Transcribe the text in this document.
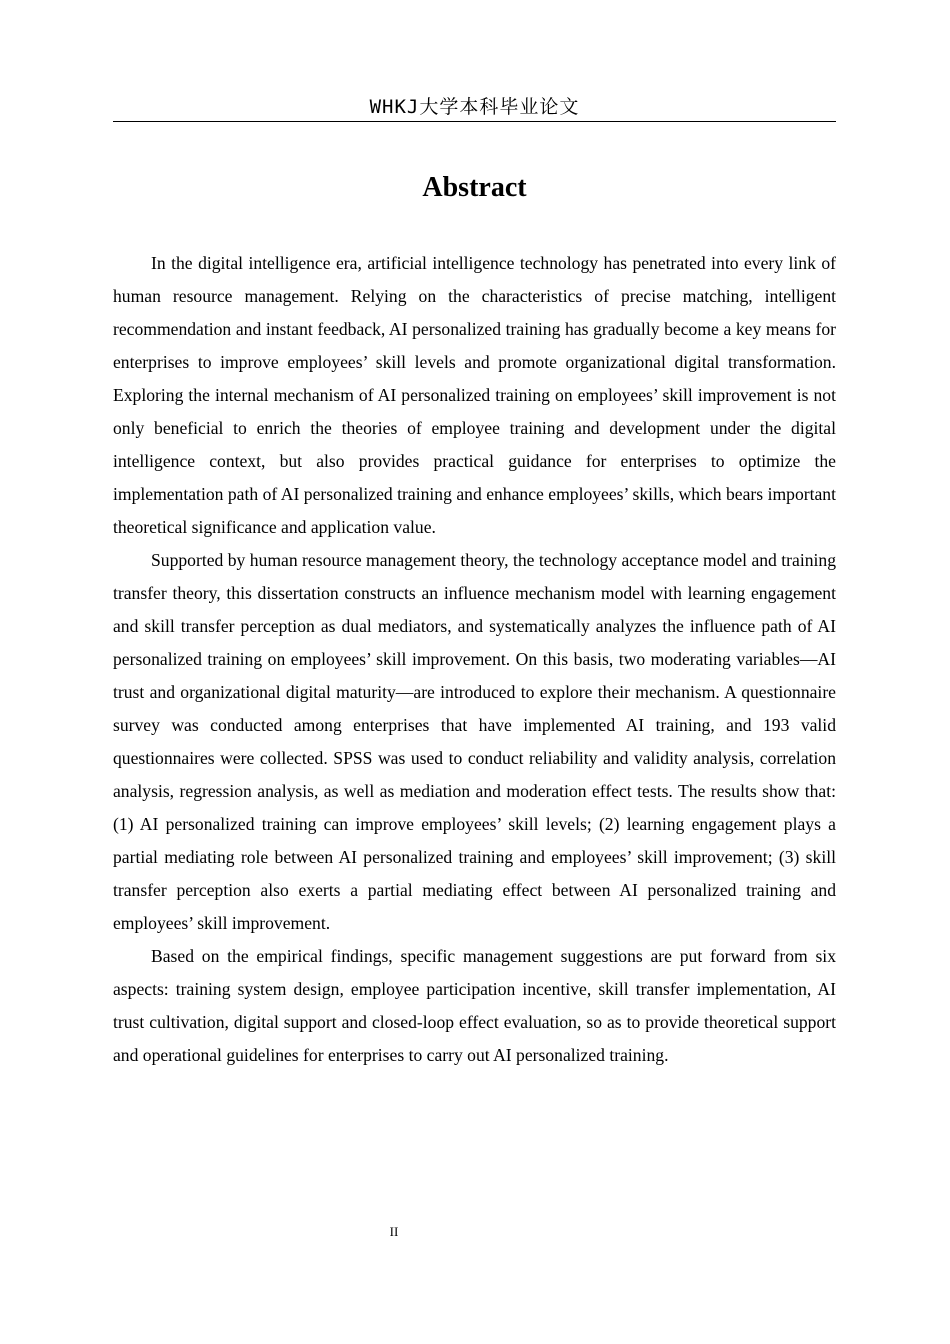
WHKJ大学本科毕业论文
Abstract

In the digital intelligence era, artificial intelligence technology has penetrated into every link of human resource management. Relying on the characteristics of precise matching, intelligent recommendation and instant feedback, AI personalized training has gradually become a key means for enterprises to improve employees’ skill levels and promote organizational digital transformation. Exploring the internal mechanism of AI personalized training on employees’ skill improvement is not only beneficial to enrich the theories of employee training and development under the digital intelligence context, but also provides practical guidance for enterprises to optimize the implementation path of AI personalized training and enhance employees’ skills, which bears important theoretical significance and application value.

Supported by human resource management theory, the technology acceptance model and training transfer theory, this dissertation constructs an influence mechanism model with learning engagement and skill transfer perception as dual mediators, and systematically analyzes the influence path of AI personalized training on employees’ skill improvement. On this basis, two moderating variables—AI trust and organizational digital maturity—are introduced to explore their mechanism. A questionnaire survey was conducted among enterprises that have implemented AI training, and 193 valid questionnaires were collected. SPSS was used to conduct reliability and validity analysis, correlation analysis, regression analysis, as well as mediation and moderation effect tests. The results show that: (1) AI personalized training can improve employees’ skill levels; (2) learning engagement plays a partial mediating role between AI personalized training and employees’ skill improvement; (3) skill transfer perception also exerts a partial mediating effect between AI personalized training and employees’ skill improvement.

Based on the empirical findings, specific management suggestions are put forward from six aspects: training system design, employee participation incentive, skill transfer implementation, AI trust cultivation, digital support and closed-loop effect evaluation, so as to provide theoretical support and operational guidelines for enterprises to carry out AI personalized training.

II
